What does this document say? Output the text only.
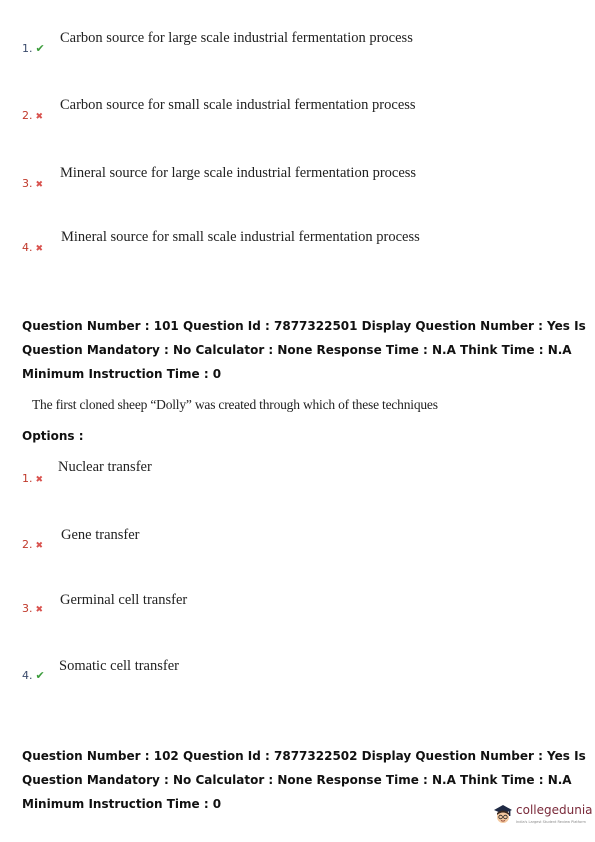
1. ✔
Carbon source for large scale industrial fermentation process
2. ✖
Carbon source for small scale industrial fermentation process
3. ✖
Mineral source for large scale industrial fermentation process
4. ✖
Mineral source for small scale industrial fermentation process
Question Number : 101 Question Id : 7877322501 Display Question Number : Yes Is Question Mandatory : No Calculator : None Response Time : N.A Think Time : N.A Minimum Instruction Time : 0
The first cloned sheep “Dolly” was created through which of these techniques
Options :
1. ✖
Nuclear transfer
2. ✖
Gene transfer
3. ✖
Germinal cell transfer
4. ✔
Somatic cell transfer
Question Number : 102 Question Id : 7877322502 Display Question Number : Yes Is Question Mandatory : No Calculator : None Response Time : N.A Think Time : N.A Minimum Instruction Time : 0	collegedunia
India's Largest Student Review Platform
